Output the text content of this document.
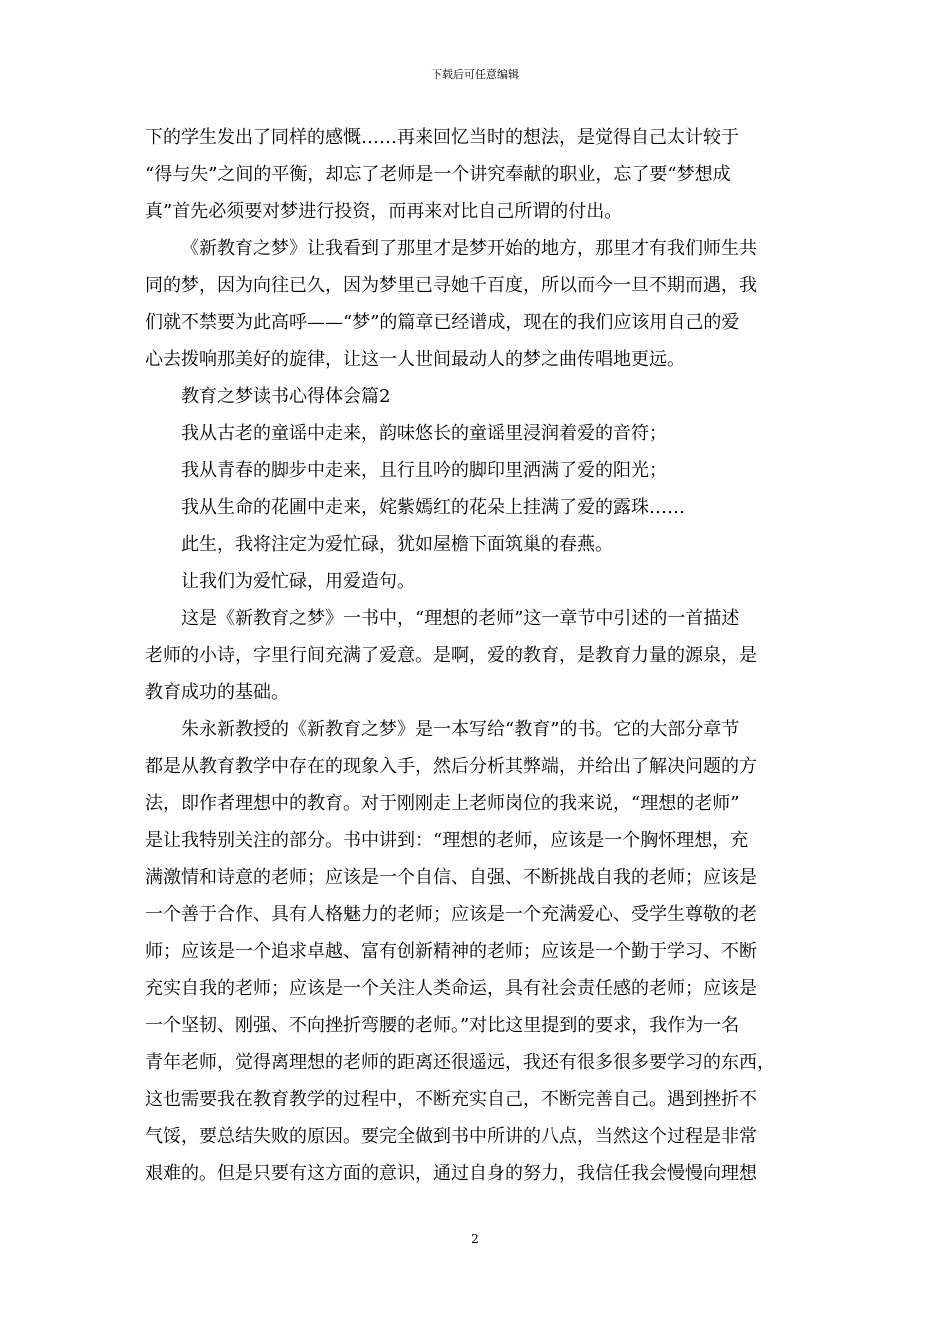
下载后可任意编辑
下的学生发出了同样的感慨……再来回忆当时的想法，是觉得自己太计较于
“得与失”之间的平衡，却忘了老师是一个讲究奉献的职业，忘了要“梦想成
真”首先必须要对梦进行投资，而再来对比自己所谓的付出。
《新教育之梦》让我看到了那里才是梦开始的地方，那里才有我们师生共
同的梦，因为向往已久，因为梦里已寻她千百度，所以而今一旦不期而遇，我
们就不禁要为此高呼——“梦”的篇章已经谱成，现在的我们应该用自己的爱
心去拨响那美好的旋律，让这一人世间最动人的梦之曲传唱地更远。
教育之梦读书心得体会篇2
我从古老的童谣中走来，韵味悠长的童谣里浸润着爱的音符；
我从青春的脚步中走来，且行且吟的脚印里洒满了爱的阳光；
我从生命的花圃中走来，姹紫嫣红的花朵上挂满了爱的露珠……
此生，我将注定为爱忙碌，犹如屋檐下面筑巢的春燕。
让我们为爱忙碌，用爱造句。
这是《新教育之梦》一书中，“理想的老师”这一章节中引述的一首描述
老师的小诗，字里行间充满了爱意。是啊，爱的教育，是教育力量的源泉，是
教育成功的基础。
朱永新教授的《新教育之梦》是一本写给“教育”的书。它的大部分章节
都是从教育教学中存在的现象入手，然后分析其弊端，并给出了解决问题的方
法，即作者理想中的教育。对于刚刚走上老师岗位的我来说，“理想的老师”
是让我特别关注的部分。书中讲到：“理想的老师，应该是一个胸怀理想，充
满激情和诗意的老师；应该是一个自信、自强、不断挑战自我的老师；应该是
一个善于合作、具有人格魅力的老师；应该是一个充满爱心、受学生尊敬的老
师；应该是一个追求卓越、富有创新精神的老师；应该是一个勤于学习、不断
充实自我的老师；应该是一个关注人类命运，具有社会责任感的老师；应该是
一个坚韧、刚强、不向挫折弯腰的老师。”对比这里提到的要求，我作为一名
青年老师，觉得离理想的老师的距离还很遥远，我还有很多很多要学习的东西，
这也需要我在教育教学的过程中，不断充实自己，不断完善自己。遇到挫折不
气馁，要总结失败的原因。要完全做到书中所讲的八点，当然这个过程是非常
艰难的。但是只要有这方面的意识，通过自身的努力，我信任我会慢慢向理想
2
